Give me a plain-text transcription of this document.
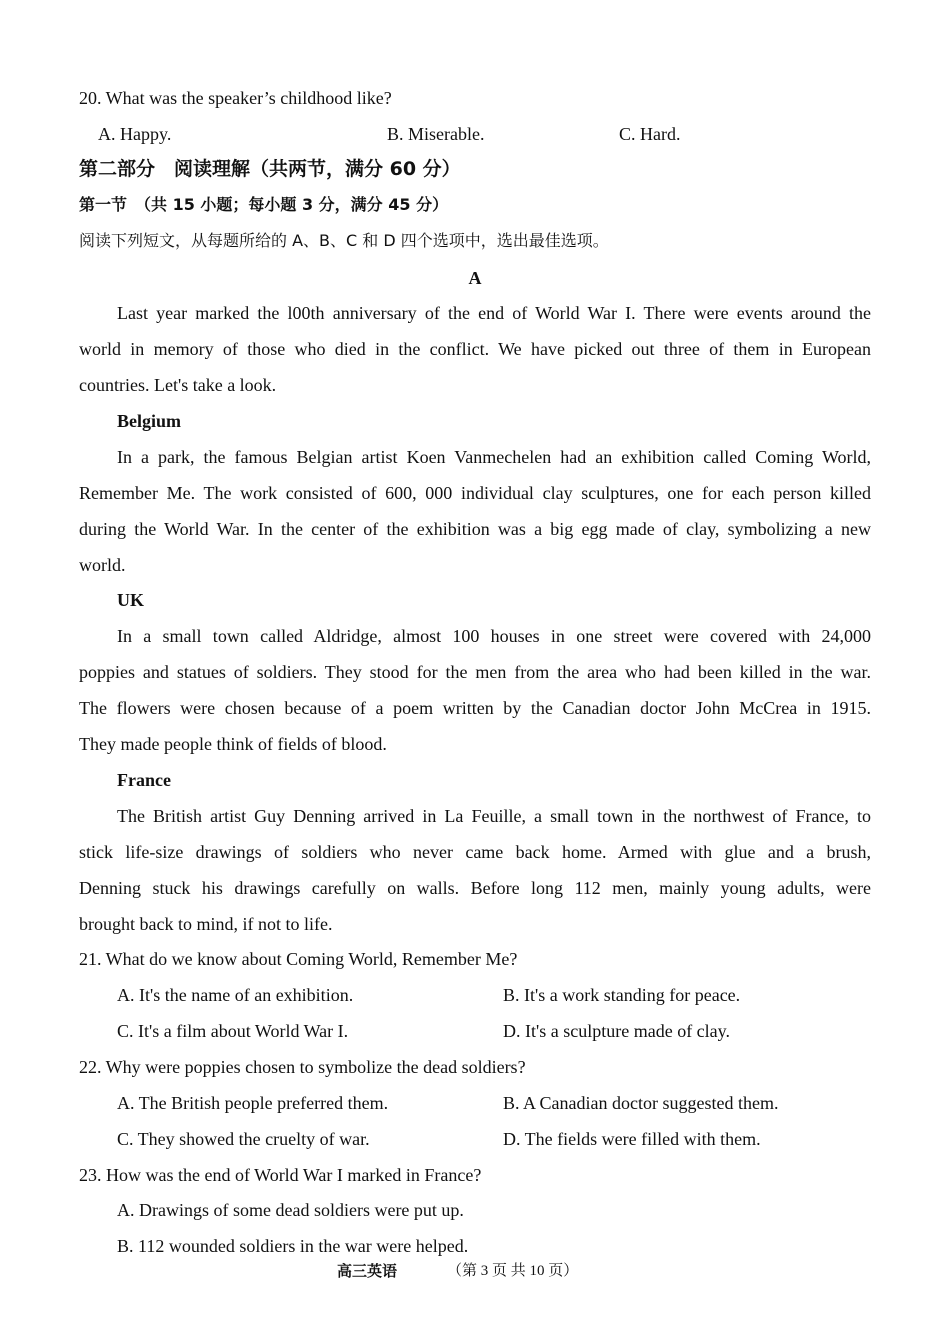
20. What was the speaker’s childhood like?
A. Happy.	B. Miserable.	C. Hard.
第二部分　阅读理解（共两节，满分 60 分）
第一节　（共 15 小题；每小题 3 分，满分 45 分）
阅读下列短文，从每题所给的 A、B、C 和 D 四个选项中，选出最佳选项。
A
Last year marked the l00th anniversary of the end of World War I. There were events around the
world in memory of those who died in the conflict. We have picked out three of them in European
countries. Let's take a look.
Belgium
In a park, the famous Belgian artist Koen Vanmechelen had an exhibition called Coming World,
Remember Me. The work consisted of 600, 000 individual clay sculptures, one for each person killed
during the World War. In the center of the exhibition was a big egg made of clay, symbolizing a new
world.
UK
In a small town called Aldridge, almost 100 houses in one street were covered with 24,000
poppies and statues of soldiers. They stood for the men from the area who had been killed in the war.
The flowers were chosen because of a poem written by the Canadian doctor John McCrea in 1915.
They made people think of fields of blood.
France
The British artist Guy Denning arrived in La Feuille, a small town in the northwest of France, to
stick life-size drawings of soldiers who never came back home. Armed with glue and a brush,
Denning stuck his drawings carefully on walls. Before long 112 men, mainly young adults, were
brought back to mind, if not to life.
21. What do we know about Coming World, Remember Me?
A. It's the name of an exhibition.	B. It's a work standing for peace.
C. It's a film about World War I.	D. It's a sculpture made of clay.
22. Why were poppies chosen to symbolize the dead soldiers?
A. The British people preferred them.	B. A Canadian doctor suggested them.
C. They showed the cruelty of war.	D. The fields were filled with them.
23. How was the end of World War I marked in France?
A. Drawings of some dead soldiers were put up.
B. 112 wounded soldiers in the war were helped.
高三英语	（第 3 页 共 10 页）
